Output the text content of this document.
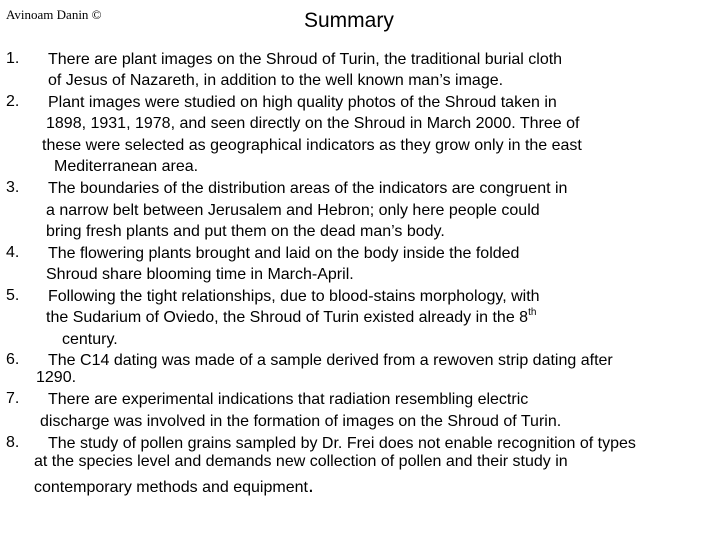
Avinoam Danin ©	Summary
1. There are plant images on the Shroud of Turin, the traditional burial cloth
of Jesus of Nazareth, in addition to the well known man’s image.
2. Plant images were studied on high quality photos of the Shroud taken in
1898, 1931, 1978, and seen directly on the Shroud in March 2000. Three of
these were selected as geographical indicators as they grow only in the east
Mediterranean area.
3. The boundaries of the distribution areas of the indicators are congruent in
a narrow belt between Jerusalem and Hebron; only here people could
bring fresh plants and put them on the dead man’s body.
4. The flowering plants brought and laid on the body inside the folded
Shroud share blooming time in March-April.
5. Following the tight relationships, due to blood-stains morphology, with
the Sudarium of Oviedo, the Shroud of Turin existed already in the 8th
century.
6. The C14 dating was made of a sample derived from a rewoven strip dating after
1290.
7. There are experimental indications that radiation resembling electric
discharge was involved in the formation of images on the Shroud of Turin.
8. The study of pollen grains sampled by Dr. Frei does not enable recognition of types
at the species level and demands new collection of pollen and their study in
contemporary methods and equipment.
